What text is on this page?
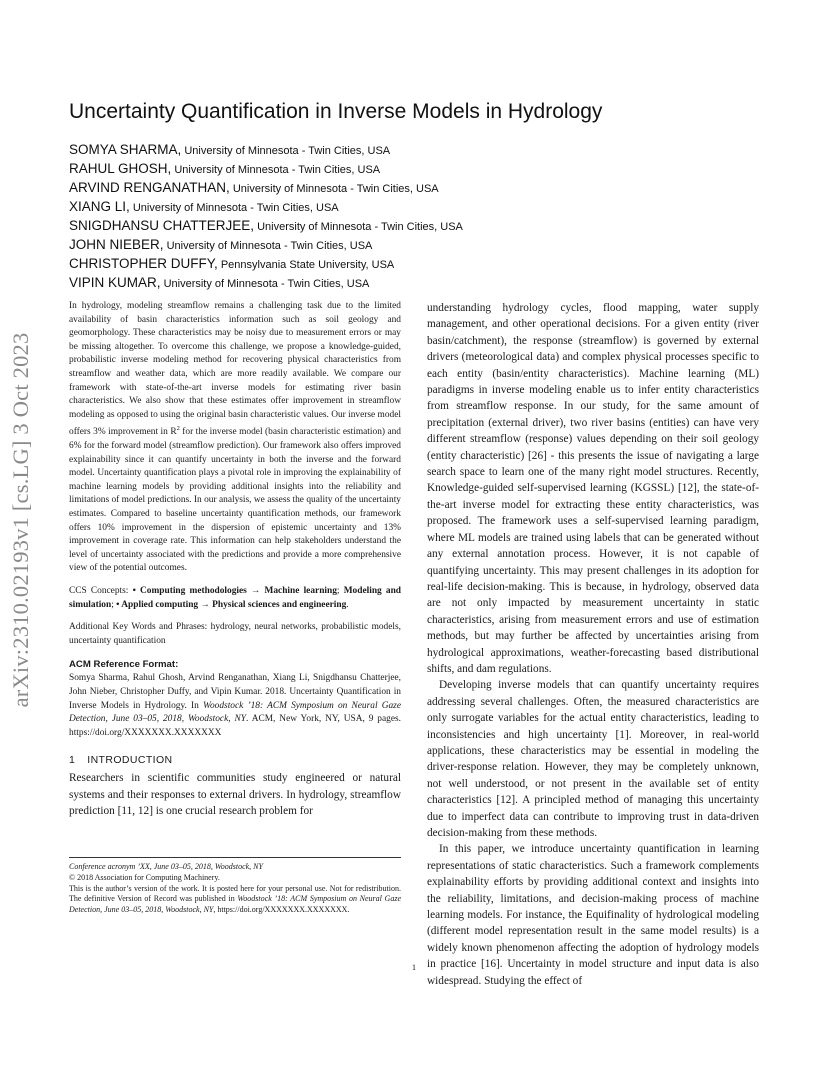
arXiv:2310.02193v1 [cs.LG] 3 Oct 2023
Uncertainty Quantification in Inverse Models in Hydrology
SOMYA SHARMA, University of Minnesota - Twin Cities, USA
RAHUL GHOSH, University of Minnesota - Twin Cities, USA
ARVIND RENGANATHAN, University of Minnesota - Twin Cities, USA
XIANG LI, University of Minnesota - Twin Cities, USA
SNIGDHANSU CHATTERJEE, University of Minnesota - Twin Cities, USA
JOHN NIEBER, University of Minnesota - Twin Cities, USA
CHRISTOPHER DUFFY, Pennsylvania State University, USA
VIPIN KUMAR, University of Minnesota - Twin Cities, USA

In hydrology, modeling streamflow remains a challenging task due to the limited availability of basin characteristics information such as soil geology and geomorphology. These characteristics may be noisy due to measurement errors or may be missing altogether. To overcome this challenge, we propose a knowledge-guided, probabilistic inverse modeling method for recovering physical characteristics from streamflow and weather data, which are more readily available. We compare our framework with state-of-the-art inverse models for estimating river basin characteristics. We also show that these estimates offer improvement in streamflow modeling as opposed to using the original basin characteristic values. Our inverse model offers 3% improvement in $R^2$ for the inverse model (basin characteristic estimation) and 6% for the forward model (streamflow prediction). Our framework also offers improved explainability since it can quantify uncertainty in both the inverse and the forward model. Uncertainty quantification plays a pivotal role in improving the explainability of machine learning models by providing additional insights into the reliability and limitations of model predictions. In our analysis, we assess the quality of the uncertainty estimates. Compared to baseline uncertainty quantification methods, our framework offers 10% improvement in the dispersion of epistemic uncertainty and 13% improvement in coverage rate. This information can help stakeholders understand the level of uncertainty associated with the predictions and provide a more comprehensive view of the potential outcomes.

CCS Concepts: • Computing methodologies → Machine learning; Modeling and simulation; • Applied computing → Physical sciences and engineering.

Additional Key Words and Phrases: hydrology, neural networks, probabilistic models, uncertainty quantification

ACM Reference Format:

Somya Sharma, Rahul Ghosh, Arvind Renganathan, Xiang Li, Snigdhansu Chatterjee, John Nieber, Christopher Duffy, and Vipin Kumar. 2018. Uncertainty Quantification in Inverse Models in Hydrology. In Woodstock ’18: ACM Symposium on Neural Gaze Detection, June 03–05, 2018, Woodstock, NY. ACM, New York, NY, USA, 9 pages. https://doi.org/XXXXXXX.XXXXXXX

1 INTRODUCTION

Researchers in scientific communities study engineered or natural systems and their responses to external drivers. In hydrology, streamflow prediction [11, 12] is one crucial research problem for

Conference acronym ’XX, June 03–05, 2018, Woodstock, NY

© 2018 Association for Computing Machinery.

This is the author’s version of the work. It is posted here for your personal use. Not for redistribution. The definitive Version of Record was published in Woodstock ’18: ACM Symposium on Neural Gaze Detection, June 03–05, 2018, Woodstock, NY, https://doi.org/XXXXXXX.XXXXXXX.

understanding hydrology cycles, flood mapping, water supply management, and other operational decisions. For a given entity (river basin/catchment), the response (streamflow) is governed by external drivers (meteorological data) and complex physical processes specific to each entity (basin/entity characteristics). Machine learning (ML) paradigms in inverse modeling enable us to infer entity characteristics from streamflow response. In our study, for the same amount of precipitation (external driver), two river basins (entities) can have very different streamflow (response) values depending on their soil geology (entity characteristic) [26] - this presents the issue of navigating a large search space to learn one of the many right model structures. Recently, Knowledge-guided self-supervised learning (KGSSL) [12], the state-of-the-art inverse model for extracting these entity characteristics, was proposed. The framework uses a self-supervised learning paradigm, where ML models are trained using labels that can be generated without any external annotation process. However, it is not capable of quantifying uncertainty. This may present challenges in its adoption for real-life decision-making. This is because, in hydrology, observed data are not only impacted by measurement uncertainty in static characteristics, arising from measurement errors and use of estimation methods, but may further be affected by uncertainties arising from hydrological approximations, weather-forecasting based distributional shifts, and dam regulations.

Developing inverse models that can quantify uncertainty requires addressing several challenges. Often, the measured characteristics are only surrogate variables for the actual entity characteristics, leading to inconsistencies and high uncertainty [1]. Moreover, in real-world applications, these characteristics may be essential in modeling the driver-response relation. However, they may be completely unknown, not well understood, or not present in the available set of entity characteristics [12]. A principled method of managing this uncertainty due to imperfect data can contribute to improving trust in data-driven decision-making from these methods.

In this paper, we introduce uncertainty quantification in learning representations of static characteristics. Such a framework complements explainability efforts by providing additional context and insights into the reliability, limitations, and decision-making process of machine learning models. For instance, the Equifinality of hydrological modeling (different model representation result in the same model results) is a widely known phenomenon affecting the adoption of hydrology models in practice [16]. Uncertainty in model structure and input data is also widespread. Studying the effect of

1
